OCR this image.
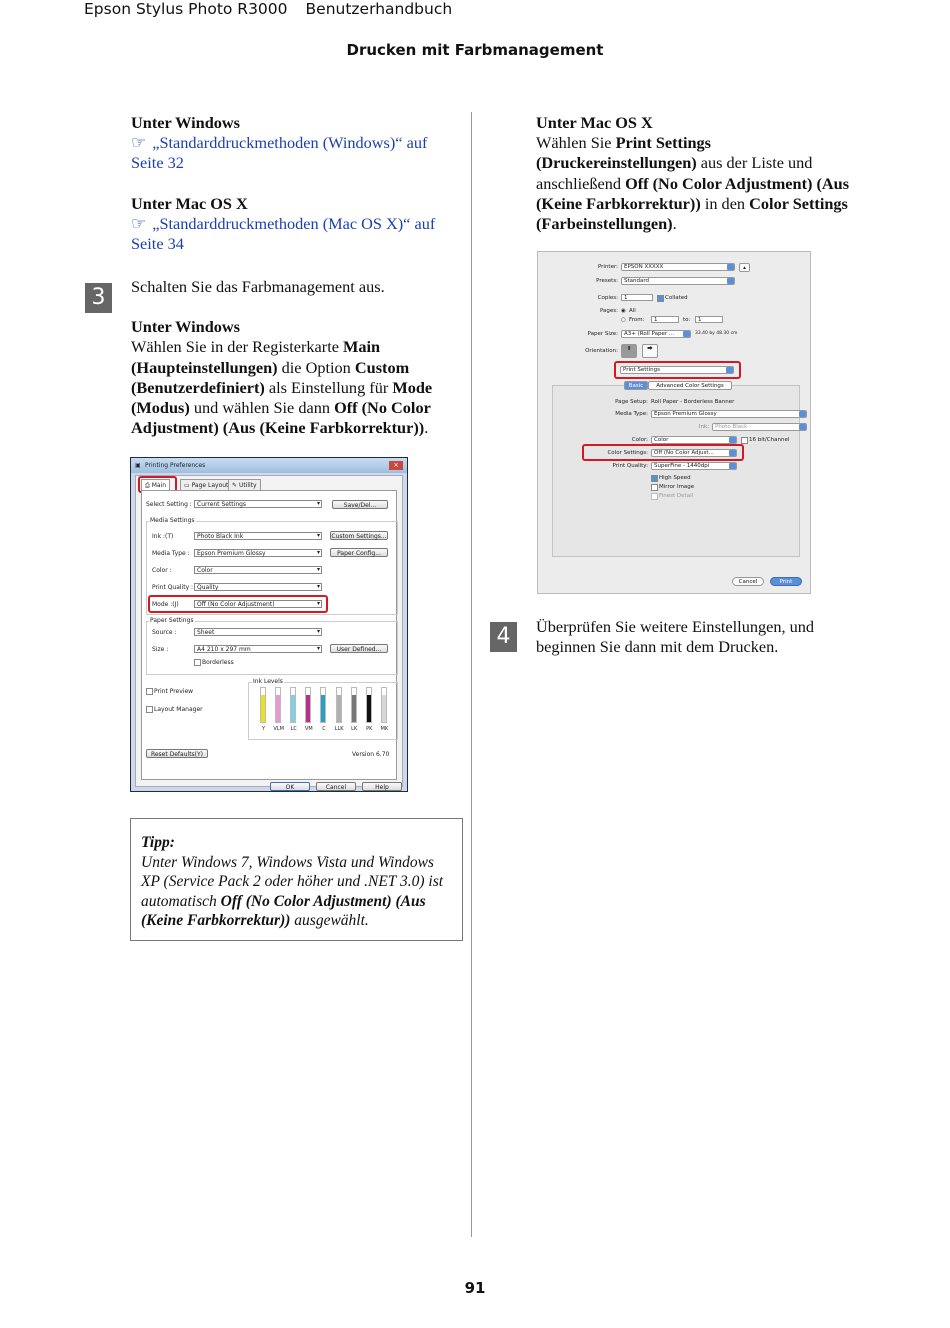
Epson Stylus Photo R3000 Benutzerhandbuch
Drucken mit Farbmanagement
Unter Windows
☞ „Standarddruckmethoden (Windows)“ auf
Seite 32
Unter Mac OS X
☞ „Standarddruckmethoden (Mac OS X)“ auf
Seite 34
3	Schalten Sie das Farbmanagement aus.
Unter Windows
Wählen Sie in der Registerkarte Main
(Haupteinstellungen) die Option Custom
(Benutzerdefiniert) als Einstellung für Mode
(Modus) und wählen Sie dann Off (No Color
Adjustment) (Aus (Keine Farbkorrektur)).
▣ Printing Preferences	×
⎙ Main	▭ Page Layout ✎ Utility
Select Setting : Current Settings ▾	Save/Del...
Media Settings
Ink :(T)	Photo Black Ink ▾	Custom Settings...
Media Type :	Epson Premium Glossy ▾	Paper Config...
Color :	Color ▾
Print Quality : Quality ▾
Mode :(J)	Off (No Color Adjustment) ▾
Paper Settings
Source :	Sheet ▾
Size :	A4 210 x 297 mm ▾	User Defined...
Borderless
Print Preview
Layout Manager
Ink Levels
Y	VLM	LC	VM	C	LLK	LK	PK	MK
Reset Defaults(Y)	Version 6.70
OK	Cancel	Help
Tipp:
Unter Windows 7, Windows Vista und Windows
XP (Service Pack 2 oder höher und .NET 3.0) ist
automatisch Off (No Color Adjustment) (Aus
(Keine Farbkorrektur)) ausgewählt.
Unter Mac OS X
Wählen Sie Print Settings
(Druckereinstellungen) aus der Liste und
anschließend Off (No Color Adjustment) (Aus
(Keine Farbkorrektur)) in den Color Settings
(Farbeinstellungen).
Printer:	EPSON XXXXX	▴
Presets:	Standard
Copies:	1	Collated
Pages: ◉ All
○ From:	1	to:	1
Paper Size:	A3+ (Roll Paper ...	33.40 by 48.30 cm
Orientation:	⬆	⮕
Print Settings
Basic	Advanced Color Settings
Page Setup: Roll Paper - Borderless Banner
Media Type:	Epson Premium Glossy
Ink:	Photo Black
Color:	Color	16 bit/Channel
Color Settings:	Off (No Color Adjust...
Print Quality:	SuperFine - 1440dpi
High Speed
Mirror Image
Finest Detail
Cancel	Print
4	Überprüfen Sie weitere Einstellungen, und
beginnen Sie dann mit dem Drucken.
91
